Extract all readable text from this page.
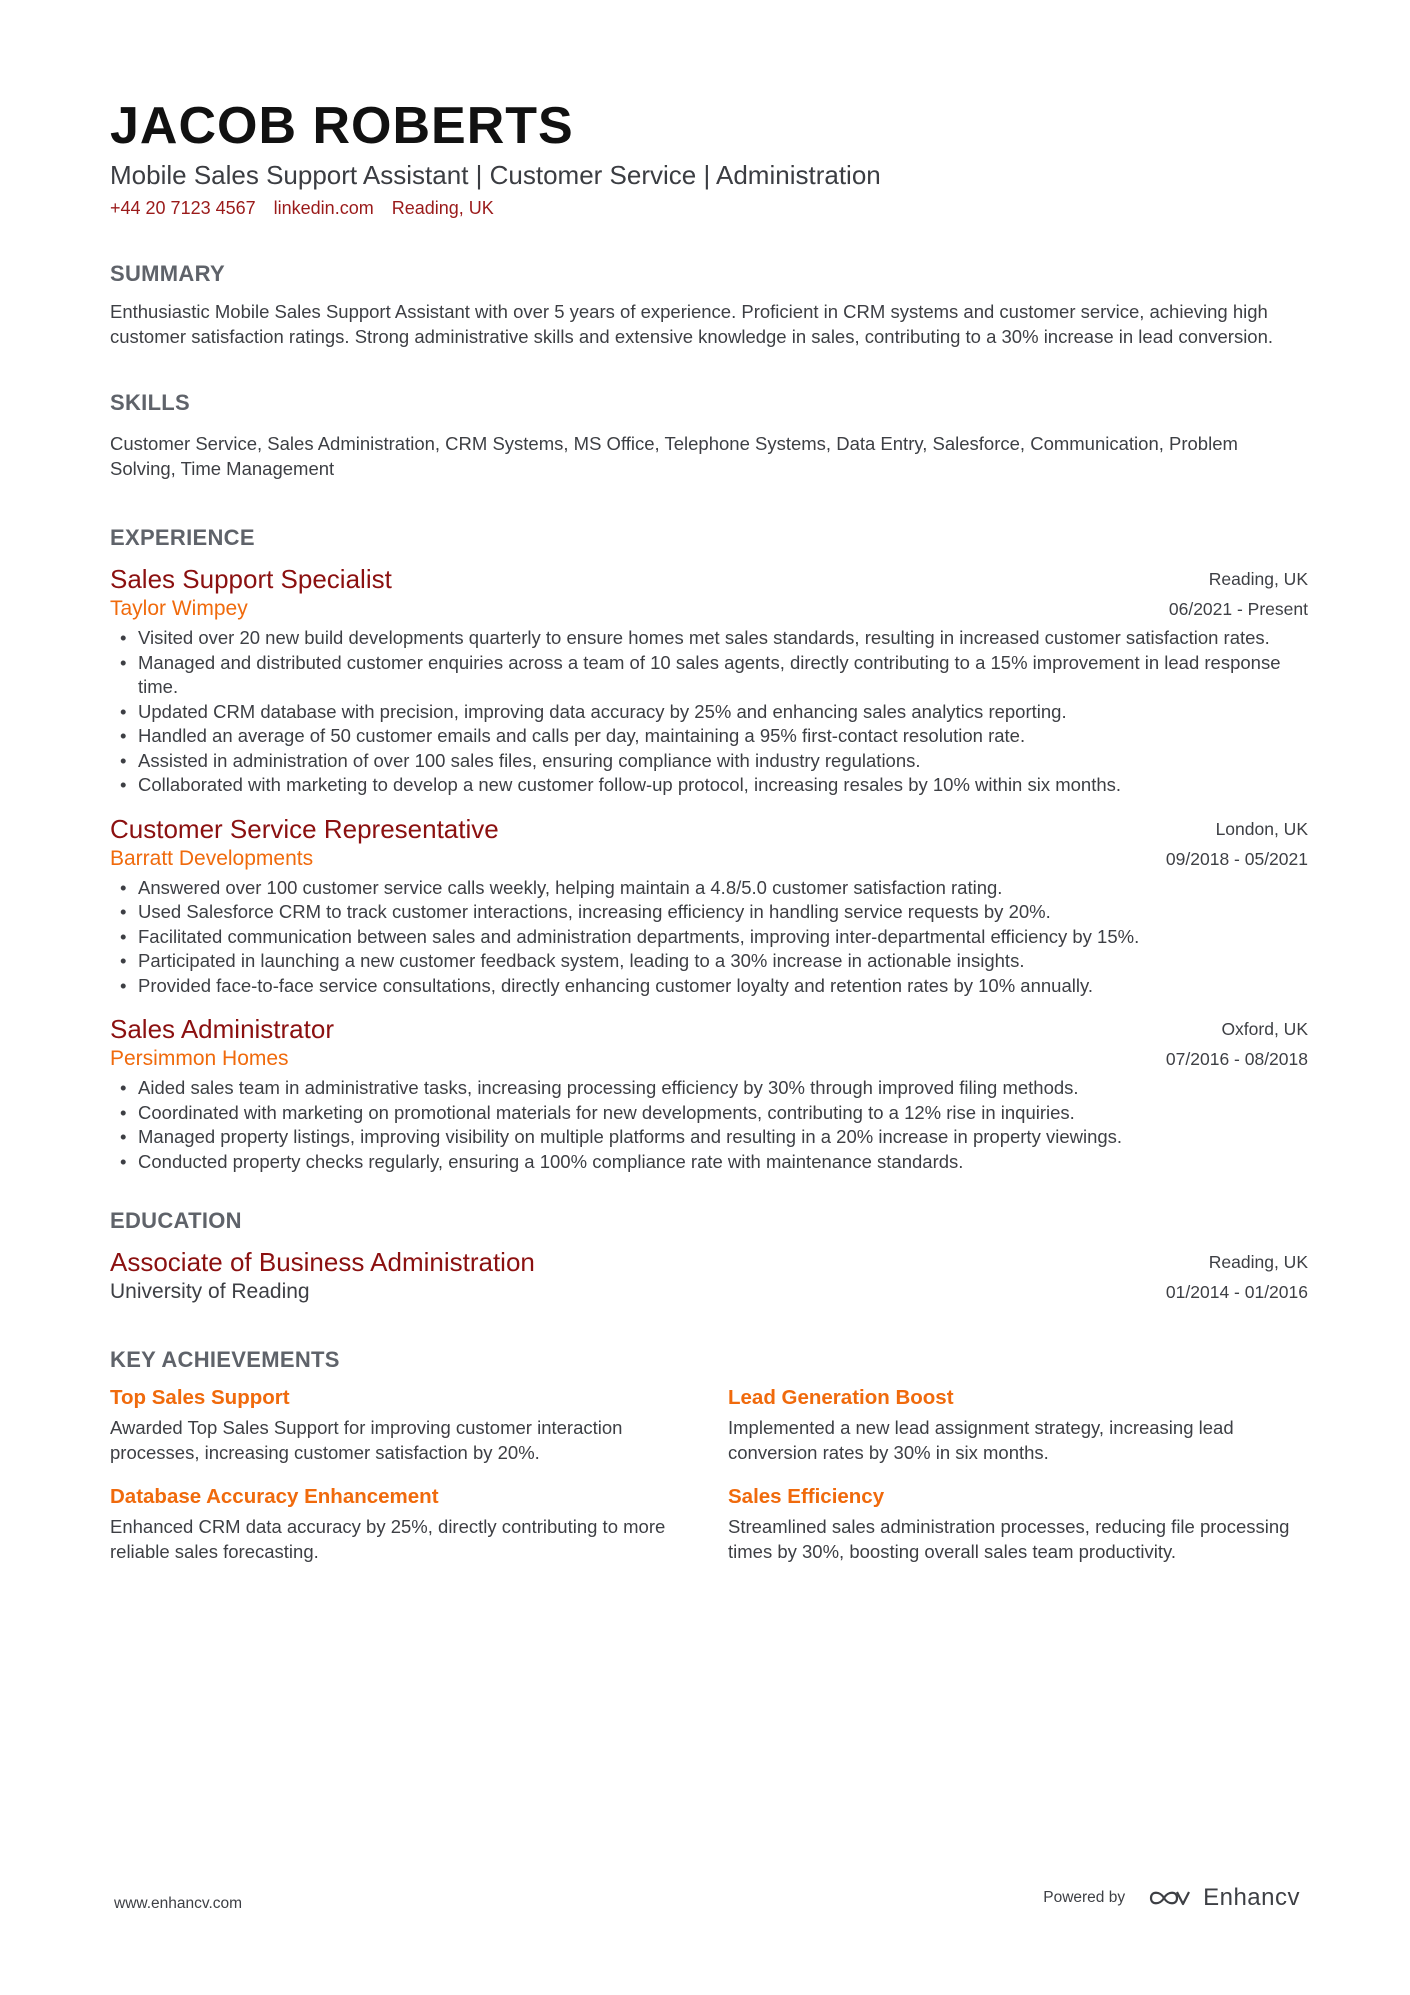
JACOB ROBERTS
Mobile Sales Support Assistant | Customer Service | Administration
+44 20 7123 4567 linkedin.com Reading, UK
SUMMARY
Enthusiastic Mobile Sales Support Assistant with over 5 years of experience. Proficient in CRM systems and customer service, achieving high customer satisfaction ratings. Strong administrative skills and extensive knowledge in sales, contributing to a 30% increase in lead conversion.
SKILLS
Customer Service, Sales Administration, CRM Systems, MS Office, Telephone Systems, Data Entry, Salesforce, Communication, Problem Solving, Time Management
EXPERIENCE
Sales Support Specialist
Taylor Wimpey
Reading, UK
06/2021 - Present
• Visited over 20 new build developments quarterly to ensure homes met sales standards, resulting in increased customer satisfaction rates.
• Managed and distributed customer enquiries across a team of 10 sales agents, directly contributing to a 15% improvement in lead response time.
• Updated CRM database with precision, improving data accuracy by 25% and enhancing sales analytics reporting.
• Handled an average of 50 customer emails and calls per day, maintaining a 95% first-contact resolution rate.
• Assisted in administration of over 100 sales files, ensuring compliance with industry regulations.
• Collaborated with marketing to develop a new customer follow-up protocol, increasing resales by 10% within six months.
Customer Service Representative
Barratt Developments
London, UK
09/2018 - 05/2021
• Answered over 100 customer service calls weekly, helping maintain a 4.8/5.0 customer satisfaction rating.
• Used Salesforce CRM to track customer interactions, increasing efficiency in handling service requests by 20%.
• Facilitated communication between sales and administration departments, improving inter-departmental efficiency by 15%.
• Participated in launching a new customer feedback system, leading to a 30% increase in actionable insights.
• Provided face-to-face service consultations, directly enhancing customer loyalty and retention rates by 10% annually.
Sales Administrator
Persimmon Homes
Oxford, UK
07/2016 - 08/2018
• Aided sales team in administrative tasks, increasing processing efficiency by 30% through improved filing methods.
• Coordinated with marketing on promotional materials for new developments, contributing to a 12% rise in inquiries.
• Managed property listings, improving visibility on multiple platforms and resulting in a 20% increase in property viewings.
• Conducted property checks regularly, ensuring a 100% compliance rate with maintenance standards.
EDUCATION
Associate of Business Administration
University of Reading
Reading, UK
01/2014 - 01/2016
KEY ACHIEVEMENTS
Top Sales Support
Awarded Top Sales Support for improving customer interaction processes, increasing customer satisfaction by 20%.
Lead Generation Boost
Implemented a new lead assignment strategy, increasing lead conversion rates by 30% in six months.
Database Accuracy Enhancement
Enhanced CRM data accuracy by 25%, directly contributing to more reliable sales forecasting.
Sales Efficiency
Streamlined sales administration processes, reducing file processing times by 30%, boosting overall sales team productivity.
www.enhancv.com	Powered by	Enhancv
